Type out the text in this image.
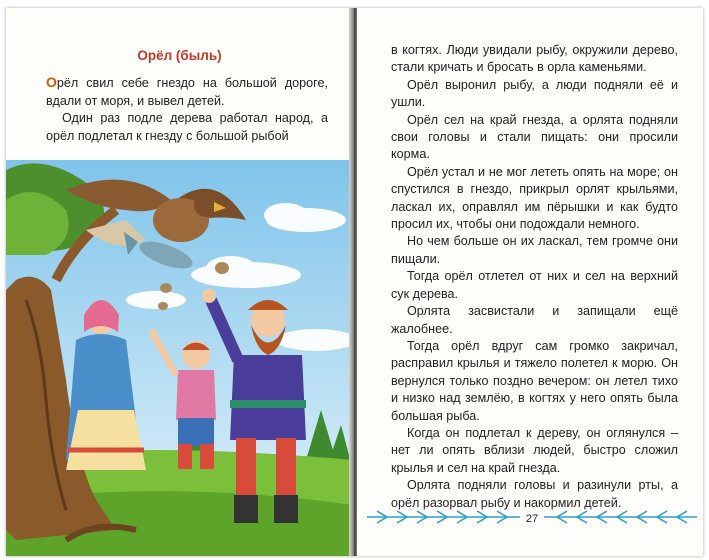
Орёл (быль)

Орёл свил себе гнездо на большой дороге, вдали от моря, и вывел детей.

Один раз подле дерева работал народ, а орёл подлетал к гнезду с большой рыбой

в когтях. Люди увидали рыбу, окружили дерево, стали кричать и бросать в орла каменьями.

Орёл выронил рыбу, а люди подняли её и ушли.

Орёл сел на край гнезда, а орлята подняли свои головы и стали пищать: они просили корма.

Орёл устал и не мог лететь опять на море; он спустился в гнездо, прикрыл орлят крыльями, ласкал их, оправлял им пёрышки и как будто просил их, чтобы они подождали немного.

Но чем больше он их ласкал, тем громче они пищали.

Тогда орёл отлетел от них и сел на верхний сук дерева.

Орлята засвистали и запищали ещё жалобнее.

Тогда орёл вдруг сам громко закричал, расправил крылья и тяжело полетел к морю. Он вернулся только поздно вечером: он летел тихо и низко над землёю, в когтях у него опять была большая рыба.

Когда он подлетал к дереву, он оглянулся – нет ли опять вблизи людей, быстро сложил крылья и сел на край гнезда.

Орлята подняли головы и разинули рты, а орёл разорвал рыбу и накормил детей.

27
